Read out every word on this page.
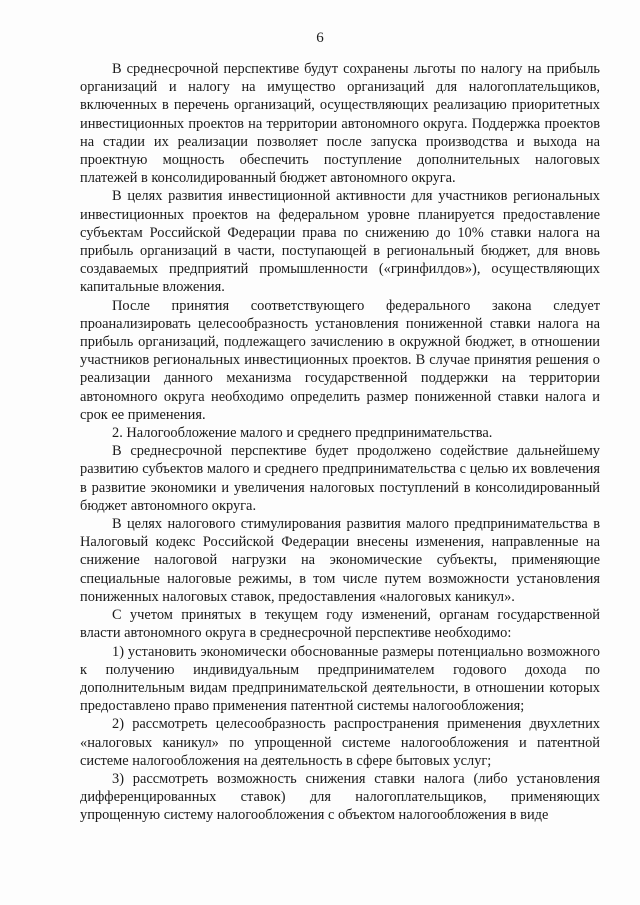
6

В среднесрочной перспективе будут сохранены льготы по налогу на прибыль организаций и налогу на имущество организаций для налогоплательщиков, включенных в перечень организаций, осуществляющих реализацию приоритетных инвестиционных проектов на территории автономного округа. Поддержка проектов на стадии их реализации позволяет после запуска производства и выхода на проектную мощность обеспечить поступление дополнительных налоговых платежей в консолидированный бюджет автономного округа.

В целях развития инвестиционной активности для участников региональных инвестиционных проектов на федеральном уровне планируется предоставление субъектам Российской Федерации права по снижению до 10% ставки налога на прибыль организаций в части, поступающей в региональный бюджет, для вновь создаваемых предприятий промышленности («гринфилдов»), осуществляющих капитальные вложения.

После принятия соответствующего федерального закона следует проанализировать целесообразность установления пониженной ставки налога на прибыль организаций, подлежащего зачислению в окружной бюджет, в отношении участников региональных инвестиционных проектов. В случае принятия решения о реализации данного механизма государственной поддержки на территории автономного округа необходимо определить размер пониженной ставки налога и срок ее применения.

2. Налогообложение малого и среднего предпринимательства.

В среднесрочной перспективе будет продолжено содействие дальнейшему развитию субъектов малого и среднего предпринимательства с целью их вовлечения в развитие экономики и увеличения налоговых поступлений в консолидированный бюджет автономного округа.

В целях налогового стимулирования развития малого предпринимательства в Налоговый кодекс Российской Федерации внесены изменения, направленные на снижение налоговой нагрузки на экономические субъекты, применяющие специальные налоговые режимы, в том числе путем возможности установления пониженных налоговых ставок, предоставления «налоговых каникул».

С учетом принятых в текущем году изменений, органам государственной власти автономного округа в среднесрочной перспективе необходимо:

1) установить экономически обоснованные размеры потенциально возможного к получению индивидуальным предпринимателем годового дохода по дополнительным видам предпринимательской деятельности, в отношении которых предоставлено право применения патентной системы налогообложения;

2) рассмотреть целесообразность распространения применения двухлетних «налоговых каникул» по упрощенной системе налогообложения и патентной системе налогообложения на деятельность в сфере бытовых услуг;

3) рассмотреть возможность снижения ставки налога (либо установления дифференцированных ставок) для налогоплательщиков, применяющих упрощенную систему налогообложения с объектом налогообложения в виде
